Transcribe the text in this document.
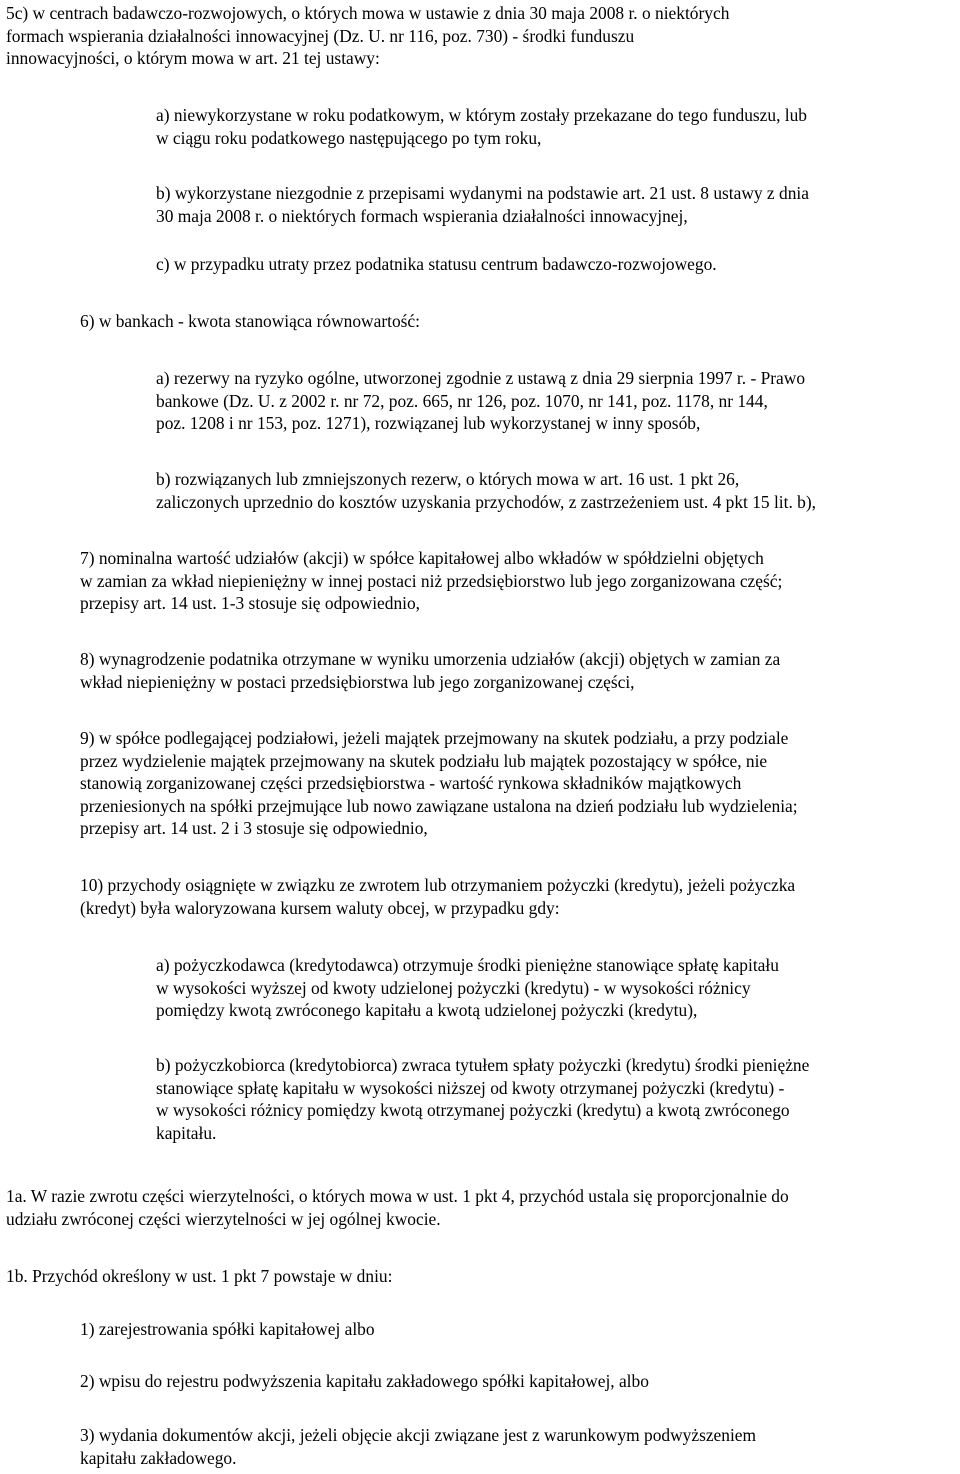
5c) w centrach badawczo-rozwojowych, o których mowa w ustawie z dnia 30 maja 2008 r. o niektórych
formach wspierania działalności innowacyjnej (Dz. U. nr 116, poz. 730) - środki funduszu
innowacyjności, o którym mowa w art. 21 tej ustawy:
a) niewykorzystane w roku podatkowym, w którym zostały przekazane do tego funduszu, lub
w ciągu roku podatkowego następującego po tym roku,
b) wykorzystane niezgodnie z przepisami wydanymi na podstawie art. 21 ust. 8 ustawy z dnia
30 maja 2008 r. o niektórych formach wspierania działalności innowacyjnej,
c) w przypadku utraty przez podatnika statusu centrum badawczo-rozwojowego.
6) w bankach - kwota stanowiąca równowartość:
a) rezerwy na ryzyko ogólne, utworzonej zgodnie z ustawą z dnia 29 sierpnia 1997 r. - Prawo
bankowe (Dz. U. z 2002 r. nr 72, poz. 665, nr 126, poz. 1070, nr 141, poz. 1178, nr 144,
poz. 1208 i nr 153, poz. 1271), rozwiązanej lub wykorzystanej w inny sposób,
b) rozwiązanych lub zmniejszonych rezerw, o których mowa w art. 16 ust. 1 pkt 26,
zaliczonych uprzednio do kosztów uzyskania przychodów, z zastrzeżeniem ust. 4 pkt 15 lit. b),
7) nominalna wartość udziałów (akcji) w spółce kapitałowej albo wkładów w spółdzielni objętych
w zamian za wkład niepieniężny w innej postaci niż przedsiębiorstwo lub jego zorganizowana część;
przepisy art. 14 ust. 1-3 stosuje się odpowiednio,
8) wynagrodzenie podatnika otrzymane w wyniku umorzenia udziałów (akcji) objętych w zamian za
wkład niepieniężny w postaci przedsiębiorstwa lub jego zorganizowanej części,
9) w spółce podlegającej podziałowi, jeżeli majątek przejmowany na skutek podziału, a przy podziale
przez wydzielenie majątek przejmowany na skutek podziału lub majątek pozostający w spółce, nie
stanowią zorganizowanej części przedsiębiorstwa - wartość rynkowa składników majątkowych
przeniesionych na spółki przejmujące lub nowo zawiązane ustalona na dzień podziału lub wydzielenia;
przepisy art. 14 ust. 2 i 3 stosuje się odpowiednio,
10) przychody osiągnięte w związku ze zwrotem lub otrzymaniem pożyczki (kredytu), jeżeli pożyczka
(kredyt) była waloryzowana kursem waluty obcej, w przypadku gdy:
a) pożyczkodawca (kredytodawca) otrzymuje środki pieniężne stanowiące spłatę kapitału
w wysokości wyższej od kwoty udzielonej pożyczki (kredytu) - w wysokości różnicy
pomiędzy kwotą zwróconego kapitału a kwotą udzielonej pożyczki (kredytu),
b) pożyczkobiorca (kredytobiorca) zwraca tytułem spłaty pożyczki (kredytu) środki pieniężne
stanowiące spłatę kapitału w wysokości niższej od kwoty otrzymanej pożyczki (kredytu) -
w wysokości różnicy pomiędzy kwotą otrzymanej pożyczki (kredytu) a kwotą zwróconego
kapitału.
1a. W razie zwrotu części wierzytelności, o których mowa w ust. 1 pkt 4, przychód ustala się proporcjonalnie do
udziału zwróconej części wierzytelności w jej ogólnej kwocie.
1b. Przychód określony w ust. 1 pkt 7 powstaje w dniu:
1) zarejestrowania spółki kapitałowej albo
2) wpisu do rejestru podwyższenia kapitału zakładowego spółki kapitałowej, albo
3) wydania dokumentów akcji, jeżeli objęcie akcji związane jest z warunkowym podwyższeniem
kapitału zakładowego.
